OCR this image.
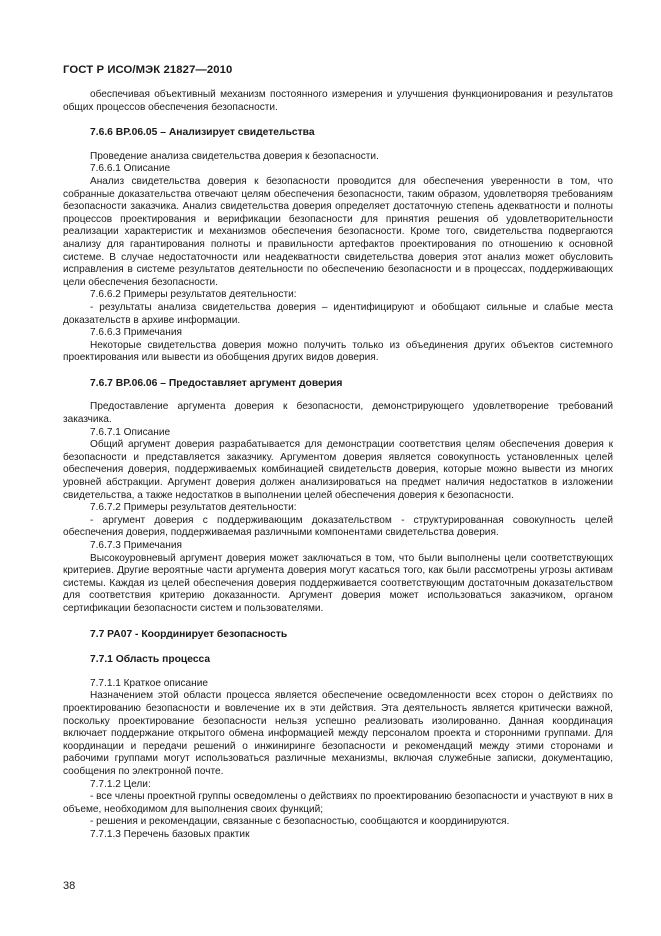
ГОСТ Р ИСО/МЭК 21827—2010

обеспечивая объективный механизм постоянного измерения и улучшения функционирования и результатов общих процессов обеспечения безопасности.

7.6.6 BP.06.05 – Анализирует свидетельства

Проведение анализа свидетельства доверия к безопасности.

7.6.6.1 Описание

Анализ свидетельства доверия к безопасности проводится для обеспечения уверенности в том, что собранные доказательства отвечают целям обеспечения безопасности, таким образом, удовлетворяя требованиям безопасности заказчика. Анализ свидетельства доверия определяет достаточную степень адекватности и полноты процессов проектирования и верификации безопасности для принятия решения об удовлетворительности реализации характеристик и механизмов обеспечения безопасности. Кроме того, свидетельства подвергаются анализу для гарантирования полноты и правильности артефактов проектирования по отношению к основной системе. В случае недостаточности или неадекватности свидетельства доверия этот анализ может обусловить исправления в системе результатов деятельности по обеспечению безопасности и в процессах, поддерживающих цели обеспечения безопасности.

7.6.6.2 Примеры результатов деятельности:

- результаты анализа свидетельства доверия – идентифицируют и обобщают сильные и слабые места доказательств в архиве информации.

7.6.6.3 Примечания

Некоторые свидетельства доверия можно получить только из объединения других объектов системного проектирования или вывести из обобщения других видов доверия.

7.6.7 BP.06.06 – Предоставляет аргумент доверия

Предоставление аргумента доверия к безопасности, демонстрирующего удовлетворение требований заказчика.

7.6.7.1 Описание

Общий аргумент доверия разрабатывается для демонстрации соответствия целям обеспечения доверия к безопасности и представляется заказчику. Аргументом доверия является совокупность установленных целей обеспечения доверия, поддерживаемых комбинацией свидетельств доверия, которые можно вывести из многих уровней абстракции. Аргумент доверия должен анализироваться на предмет наличия недостатков в изложении свидетельства, а также недостатков в выполнении целей обеспечения доверия к безопасности.

7.6.7.2 Примеры результатов деятельности:

- аргумент доверия с поддерживающим доказательством - структурированная совокупность целей обеспечения доверия, поддерживаемая различными компонентами свидетельства доверия.

7.6.7.3 Примечания

Высокоуровневый аргумент доверия может заключаться в том, что были выполнены цели соответствующих критериев. Другие вероятные части аргумента доверия могут касаться того, как были рассмотрены угрозы активам системы. Каждая из целей обеспечения доверия поддерживается соответствующим достаточным доказательством для соответствия критерию доказанности. Аргумент доверия может использоваться заказчиком, органом сертификации безопасности систем и пользователями.

7.7 PA07 - Координирует безопасность

7.7.1 Область процесса

7.7.1.1 Краткое описание

Назначением этой области процесса является обеспечение осведомленности всех сторон о действиях по проектированию безопасности и вовлечение их в эти действия. Эта деятельность является критически важной, поскольку проектирование безопасности нельзя успешно реализовать изолированно. Данная координация включает поддержание открытого обмена информацией между персоналом проекта и сторонними группами. Для координации и передачи решений о инжиниринге безопасности и рекомендаций между этими сторонами и рабочими группами могут использоваться различные механизмы, включая служебные записки, документацию, сообщения по электронной почте.

7.7.1.2 Цели:

- все члены проектной группы осведомлены о действиях по проектированию безопасности и участвуют в них в объеме, необходимом для выполнения своих функций;

- решения и рекомендации, связанные с безопасностью, сообщаются и координируются.

7.7.1.3 Перечень базовых практик

38
